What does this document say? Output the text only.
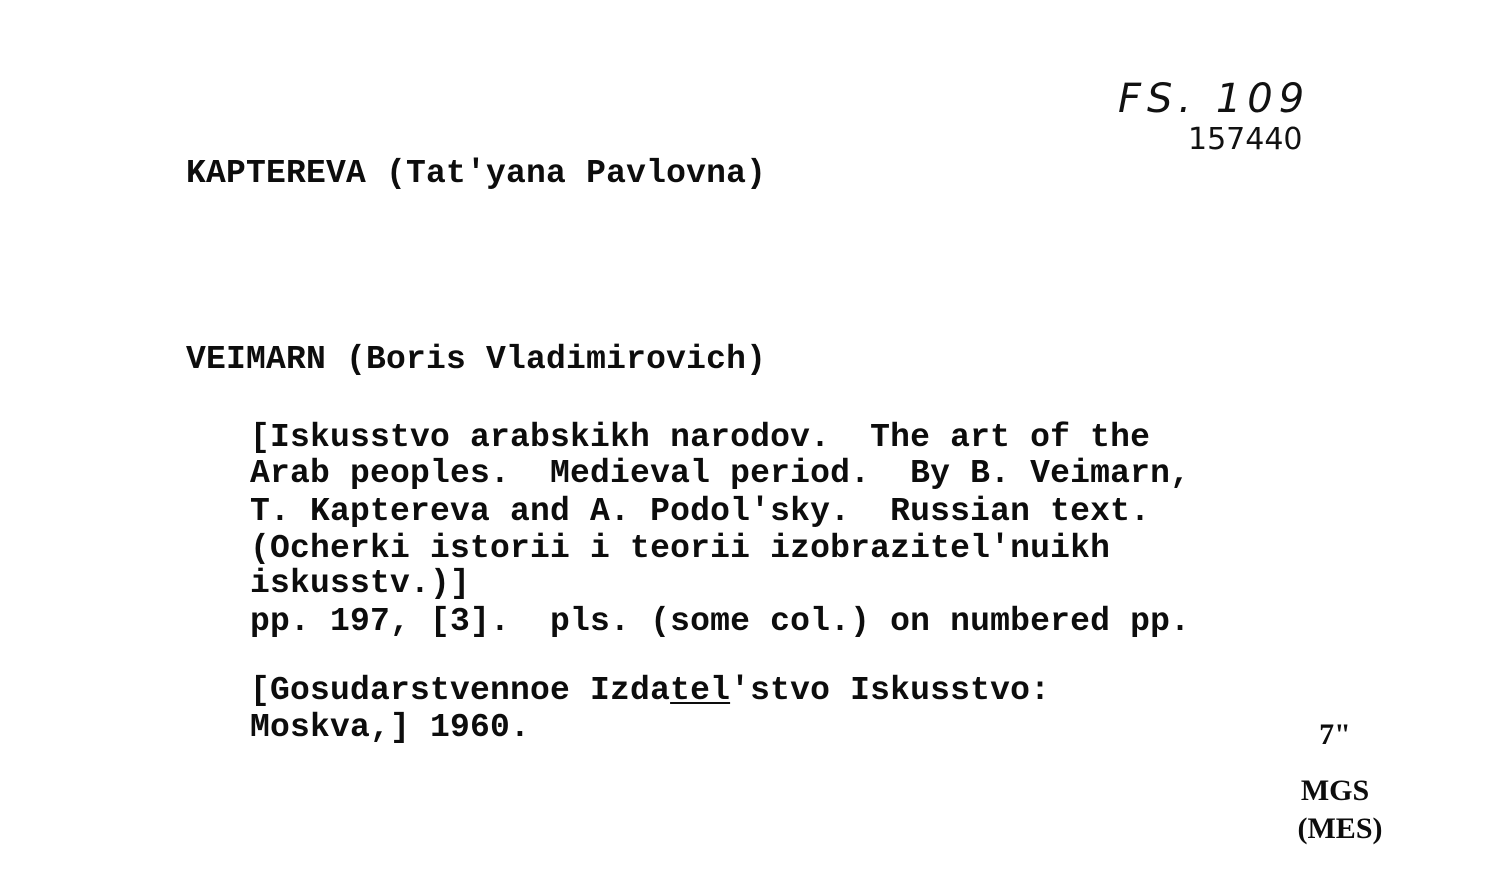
FS. 109
157440
KAPTEREVA (Tat'yana Pavlovna)
VEIMARN (Boris Vladimirovich)
[Iskusstvo arabskikh narodov.  The art of the
Arab peoples.  Medieval period.  By B. Veimarn,
T. Kaptereva and A. Podol'sky.  Russian text.
(Ocherki istorii i teorii izobrazitel'nuikh
iskusstv.)]
pp. 197, [3].  pls. (some col.) on numbered pp.
[Gosudarstvennoe Izdatel'stvo Iskusstvo:
Moskva,] 1960.	7"
MGS
(MES)
